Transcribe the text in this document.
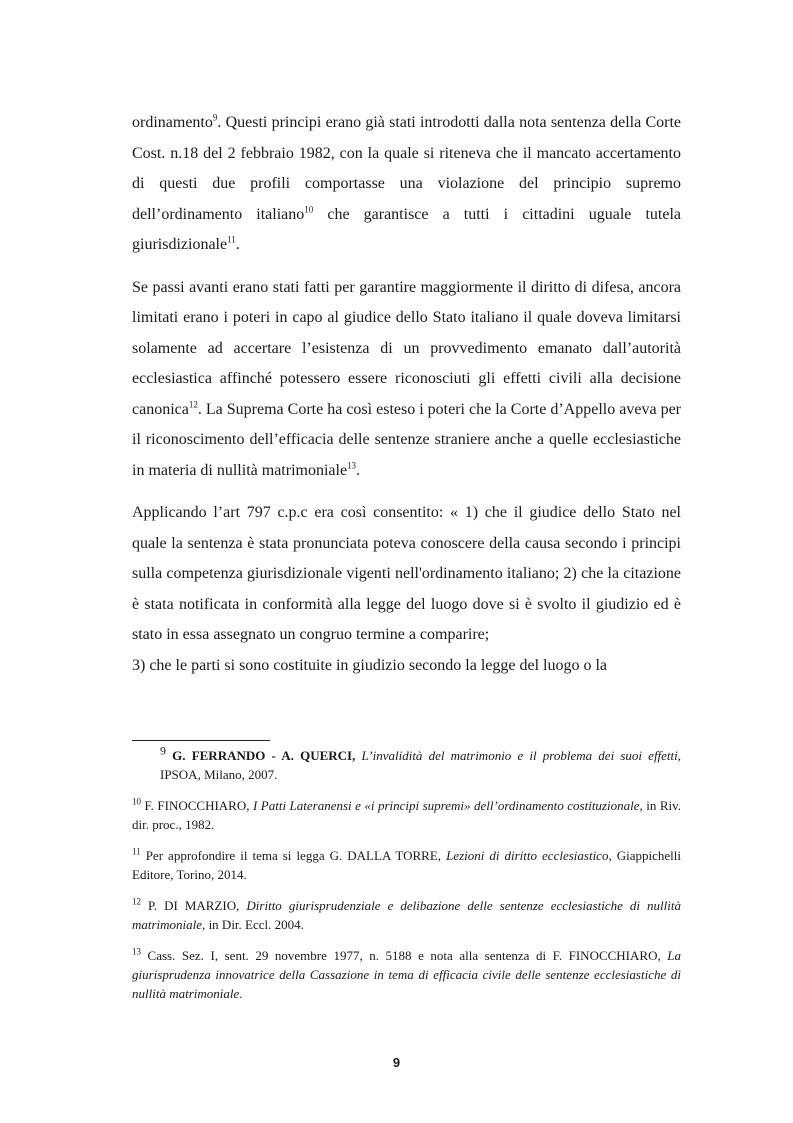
ordinamento$^9$. Questi principi erano già stati introdotti dalla nota sentenza della Corte Cost. n.18 del 2 febbraio 1982, con la quale si riteneva che il mancato accertamento di questi due profili comportasse una violazione del principio supremo dell’ordinamento italiano$^{10}$ che garantisce a tutti i cittadini uguale tutela giurisdizionale$^{11}$.

Se passi avanti erano stati fatti per garantire maggiormente il diritto di difesa, ancora limitati erano i poteri in capo al giudice dello Stato italiano il quale doveva limitarsi solamente ad accertare l’esistenza di un provvedimento emanato dall’autorità ecclesiastica affinché potessero essere riconosciuti gli effetti civili alla decisione canonica$^{12}$. La Suprema Corte ha così esteso i poteri che la Corte d’Appello aveva per il riconoscimento dell’efficacia delle sentenze straniere anche a quelle ecclesiastiche in materia di nullità matrimoniale$^{13}$.

Applicando l’art 797 c.p.c era così consentito: « 1) che il giudice dello Stato nel quale la sentenza è stata pronunciata poteva conoscere della causa secondo i principi sulla competenza giurisdizionale vigenti nell'ordinamento italiano; 2) che la citazione è stata notificata in conformità alla legge del luogo dove si è svolto il giudizio ed è stato in essa assegnato un congruo termine a comparire;

3) che le parti si sono costituite in giudizio secondo la legge del luogo o la

9 G. FERRANDO - A. QUERCI, L’invalidità del matrimonio e il problema dei suoi effetti, IPSOA, Milano, 2007.

$^{10}$ F. FINOCCHIARO, I Patti Lateranensi e «i principi supremi» dell’ordinamento costituzionale, in Riv. dir. proc., 1982.

$^{11}$ Per approfondire il tema si legga G. DALLA TORRE, Lezioni di diritto ecclesiastico, Giappichelli Editore, Torino, 2014.

$^{12}$ P. DI MARZIO, Diritto giurisprudenziale e delibazione delle sentenze ecclesiastiche di nullità matrimoniale, in Dir. Eccl. 2004.

$^{13}$ Cass. Sez. I, sent. 29 novembre 1977, n. 5188 e nota alla sentenza di F. FINOCCHIARO, La giurisprudenza innovatrice della Cassazione in tema di efficacia civile delle sentenze ecclesiastiche di nullità matrimoniale.

9
